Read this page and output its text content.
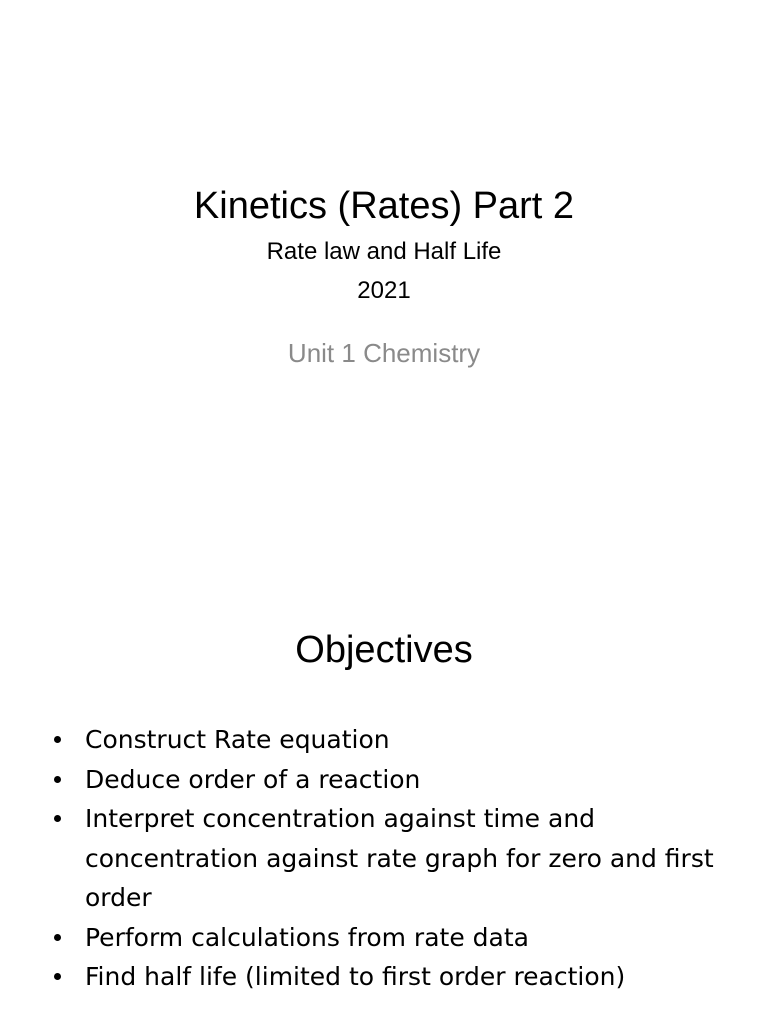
Kinetics (Rates) Part 2
Rate law and Half Life
2021
Unit 1 Chemistry
Objectives
Construct Rate equation
Deduce order of a reaction
Interpret concentration against time and concentration against rate graph for zero and first order
Perform calculations from rate data
Find half life (limited to first order reaction)
